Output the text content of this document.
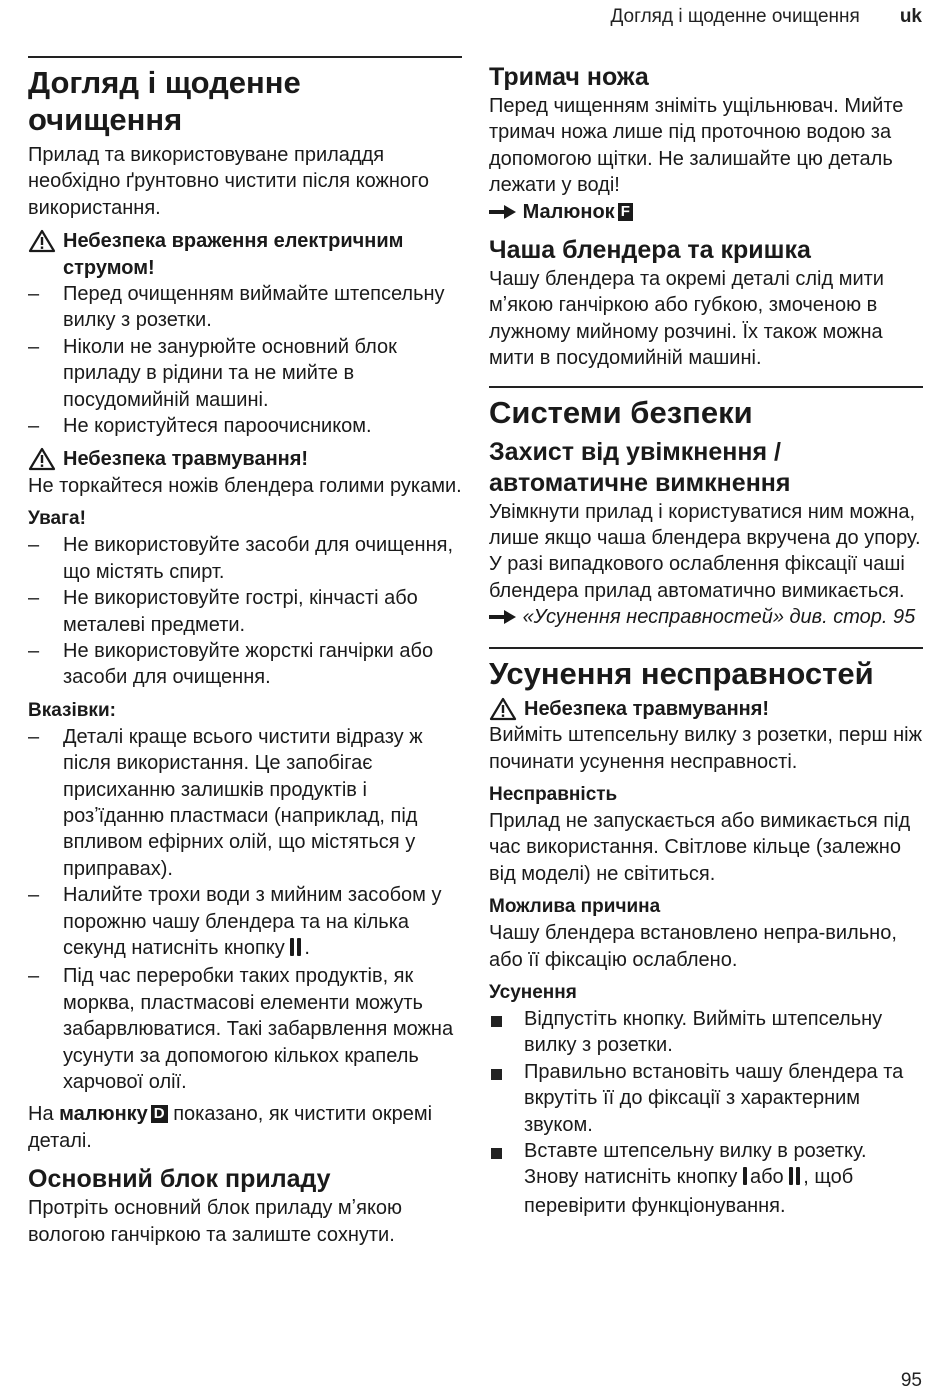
Догляд і щоденне очищення uk
Догляд і щоденне очищення

Прилад та використовуване приладдя необхідно ґрунтовно чистити після кожного використання.

Небезпека враження електричним струмом!
– Перед очищенням виймайте штепсельну вилку з розетки.
– Ніколи не занурюйте основний блок приладу в рідини та не мийте в посудомийній машині.
– Не користуйтеся пароочисником.
Небезпека травмування!

Не торкайтеся ножів блендера голими руками.

Увага!
– Не використовуйте засоби для очищення, що містять спирт.
– Не використовуйте гострі, кінчасті або металеві предмети.
– Не використовуйте жорсткі ганчірки або засоби для очищення.
Вказівки:
– Деталі краще всього чистити відразу ж після використання. Це запобігає присиханню залишків продуктів і розʼїданню пластмаси (наприклад, під впливом ефірних олій, що містяться у приправах).
– Налийте трохи води з мийним засобом у порожню чашу блендера та на кілька секунд натисніть кнопку .
– Під час переробки таких продуктів, як морква, пластмасові елементи можуть забарвлюватися. Такі забарвлення можна усунути за допомогою кількох крапель харчової олії.

На малюнку D показано, як чистити окремі деталі.

Основний блок приладу

Протріть основний блок приладу мʼякою вологою ганчіркою та залиште сохнути.

Тримач ножа

Перед чищенням зніміть ущільнювач. Мийте тримач ножа лише під проточною водою за допомогою щітки. Не залишайте цю деталь лежати у воді!

Малюнок F
Чаша блендера та кришка

Чашу блендера та окремі деталі слід мити мʼякою ганчіркою або губкою, змоченою в лужному мийному розчині. Їх також можна мити в посудомийній машині.

Системи безпеки
Захист від увімкнення / автоматичне вимкнення

Увімкнути прилад і користуватися ним можна, лише якщо чаша блендера вкручена до упору. У разі випадкового ослаблення фіксації чаші блендера прилад автоматично вимикається.

«Усунення несправностей» див. стор. 95
Усунення несправностей
Небезпека травмування!

Вийміть штепсельну вилку з розетки, перш ніж починати усунення несправності.

Несправність

Прилад не запускається або вимикається під час використання. Світлове кільце (залежно від моделі) не світиться.

Можлива причина

Чашу блендера встановлено непра-вильно, або її фіксацію ослаблено.

Усунення
Відпустіть кнопку. Вийміть штепсельну вилку з розетки.
Правильно встановіть чашу блендера та вкрутіть її до фіксації з характерним звуком.
Вставте штепсельну вилку в розетку. Знову натисніть кнопку або , щоб перевірити функціонування.
95
